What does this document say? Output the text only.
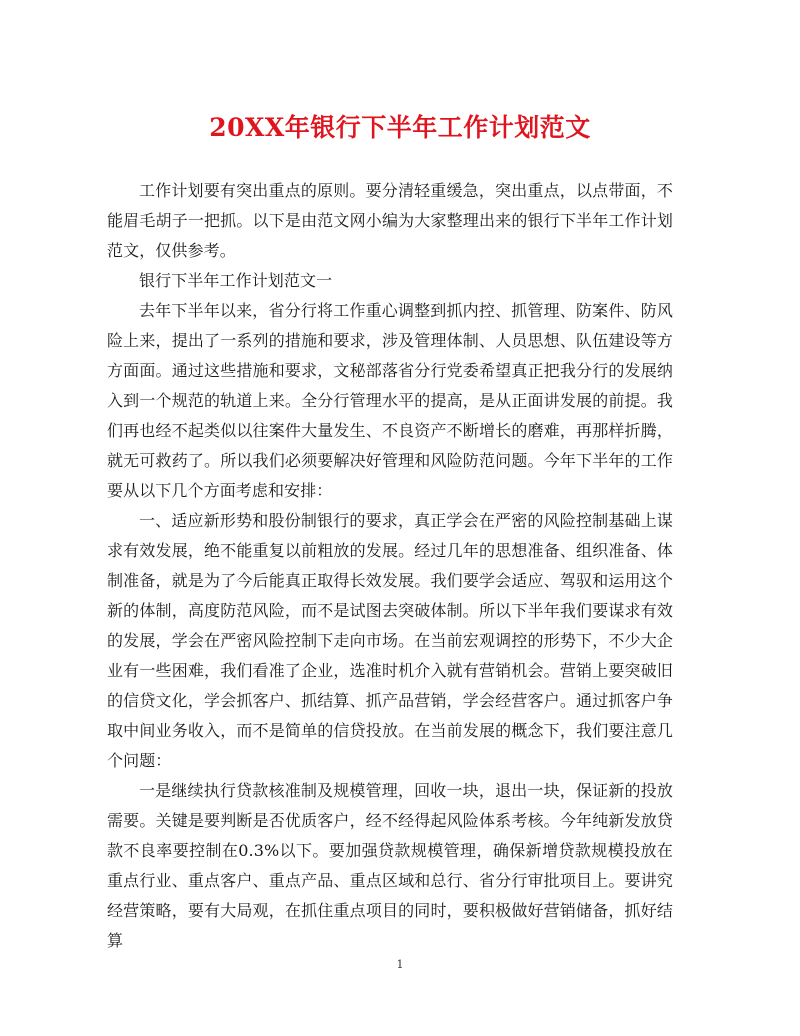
20XX年银行下半年工作计划范文

工作计划要有突出重点的原则。要分清轻重缓急，突出重点，以点带面，不能眉毛胡子一把抓。以下是由范文网小编为大家整理出来的银行下半年工作计划范文，仅供参考。

银行下半年工作计划范文一

去年下半年以来，省分行将工作重心调整到抓内控、抓管理、防案件、防风险上来，提出了一系列的措施和要求，涉及管理体制、人员思想、队伍建设等方方面面。通过这些措施和要求，文秘部落省分行党委希望真正把我分行的发展纳入到一个规范的轨道上来。全分行管理水平的提高，是从正面讲发展的前提。我们再也经不起类似以往案件大量发生、不良资产不断增长的磨难，再那样折腾，就无可救药了。所以我们必须要解决好管理和风险防范问题。今年下半年的工作要从以下几个方面考虑和安排：

一、适应新形势和股份制银行的要求，真正学会在严密的风险控制基础上谋求有效发展，绝不能重复以前粗放的发展。经过几年的思想准备、组织准备、体制准备，就是为了今后能真正取得长效发展。我们要学会适应、驾驭和运用这个新的体制，高度防范风险，而不是试图去突破体制。所以下半年我们要谋求有效的发展，学会在严密风险控制下走向市场。在当前宏观调控的形势下，不少大企业有一些困难，我们看准了企业，选准时机介入就有营销机会。营销上要突破旧的信贷文化，学会抓客户、抓结算、抓产品营销，学会经营客户。通过抓客户争取中间业务收入，而不是简单的信贷投放。在当前发展的概念下，我们要注意几个问题：

一是继续执行贷款核准制及规模管理，回收一块，退出一块，保证新的投放需要。关键是要判断是否优质客户，经不经得起风险体系考核。今年纯新发放贷款不良率要控制在0.3%以下。要加强贷款规模管理，确保新增贷款规模投放在重点行业、重点客户、重点产品、重点区域和总行、省分行审批项目上。要讲究经营策略，要有大局观，在抓住重点项目的同时，要积极做好营销储备，抓好结算

1
